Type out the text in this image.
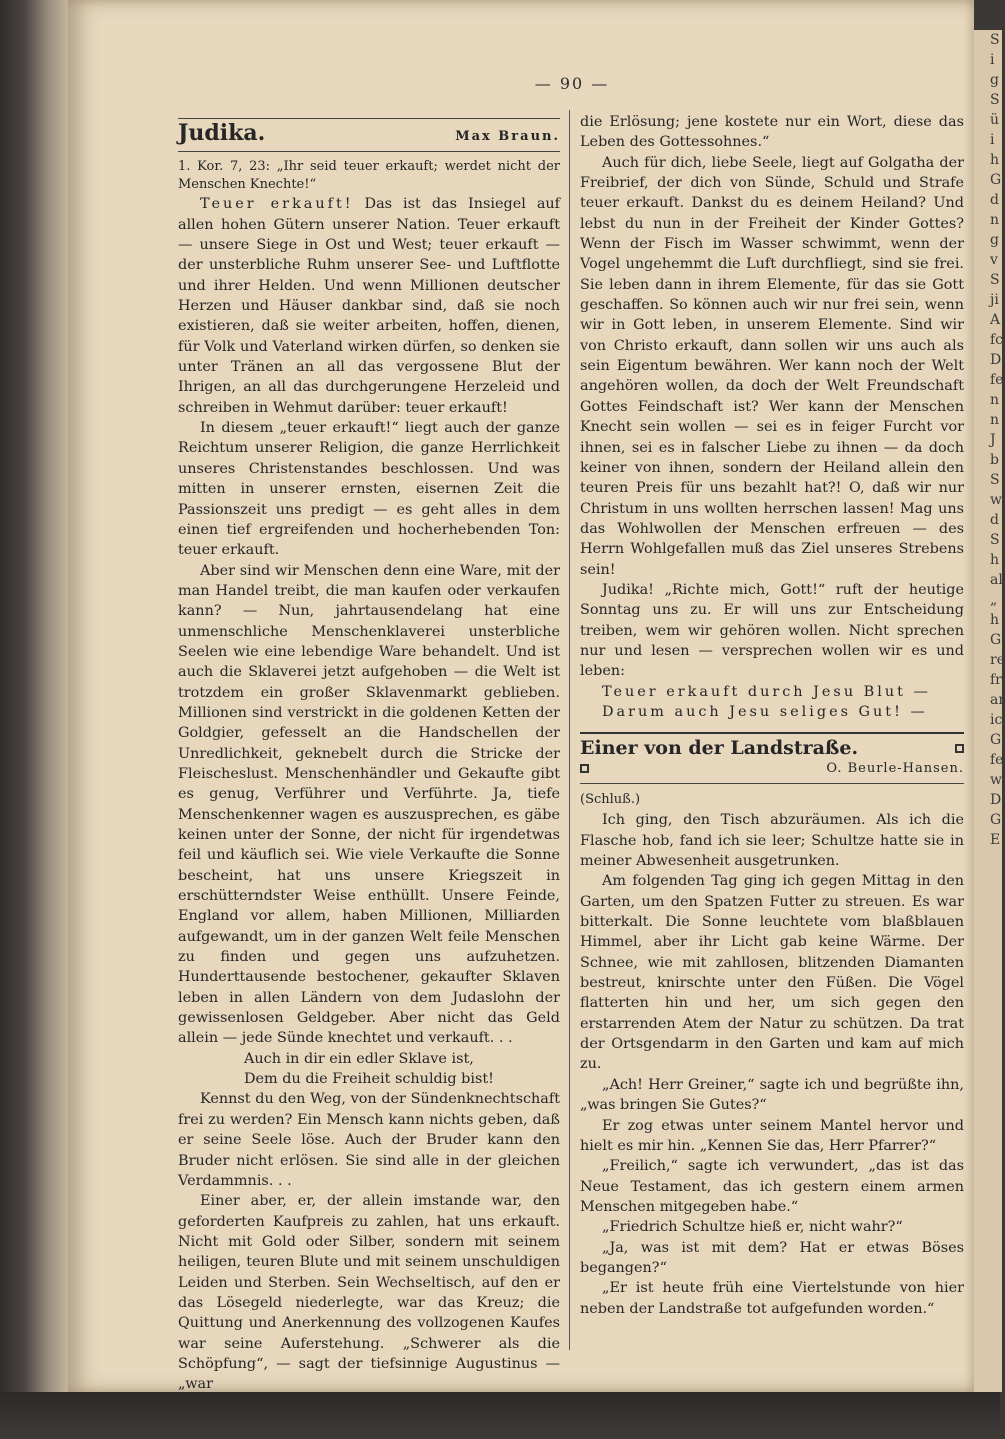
S
i
g
S
ü
i
h
G
d
n
g
v
S
ji
A
fc
D
fe
n
n
J
b
S
w
d
S
h
al
„
h
G
re
fr
ar
ic
G
fe
w
D
G
E
— 90 —
Judika.	Max Braun.

1. Kor. 7, 23: „Ihr seid teuer erkauft; werdet nicht der Menschen Knechte!“

Teuer erkauft! Das ist das Insiegel auf allen hohen Gütern unserer Nation. Teuer erkauft — unsere Siege in Ost und West; teuer erkauft — der unsterbliche Ruhm unserer See- und Luftflotte und ihrer Helden. Und wenn Millionen deutscher Herzen und Häuser dankbar sind, daß sie noch existieren, daß sie weiter arbeiten, hoffen, dienen, für Volk und Vaterland wirken dürfen, so denken sie unter Tränen an all das vergossene Blut der Ihrigen, an all das durchgerungene Herzeleid und schreiben in Wehmut darüber: teuer erkauft!

In diesem „teuer erkauft!“ liegt auch der ganze Reichtum unserer Religion, die ganze Herrlichkeit unseres Christenstandes beschlossen. Und was mitten in unserer ernsten, eisernen Zeit die Passionszeit uns predigt — es geht alles in dem einen tief ergreifenden und hocherhebenden Ton: teuer erkauft.

Aber sind wir Menschen denn eine Ware, mit der man Handel treibt, die man kaufen oder verkaufen kann? — Nun, jahrtausendelang hat eine unmenschliche Menschenklaverei unsterbliche Seelen wie eine lebendige Ware behandelt. Und ist auch die Sklaverei jetzt aufgehoben — die Welt ist trotzdem ein großer Sklavenmarkt geblieben. Millionen sind verstrickt in die goldenen Ketten der Goldgier, gefesselt an die Handschellen der Unredlichkeit, geknebelt durch die Stricke der Fleischeslust. Menschenhändler und Gekaufte gibt es genug, Verführer und Verführte. Ja, tiefe Menschenkenner wagen es auszusprechen, es gäbe keinen unter der Sonne, der nicht für irgendetwas feil und käuflich sei. Wie viele Verkaufte die Sonne bescheint, hat uns unsere Kriegszeit in erschütterndster Weise enthüllt. Unsere Feinde, England vor allem, haben Millionen, Milliarden aufgewandt, um in der ganzen Welt feile Menschen zu finden und gegen uns aufzuhetzen. Hunderttausende bestochener, gekaufter Sklaven leben in allen Ländern von dem Judaslohn der gewissenlosen Geldgeber. Aber nicht das Geld allein — jede Sünde knechtet und verkauft. . .

Auch in dir ein edler Sklave ist,

Dem du die Freiheit schuldig bist!

Kennst du den Weg, von der Sündenknechtschaft frei zu werden? Ein Mensch kann nichts geben, daß er seine Seele löse. Auch der Bruder kann den Bruder nicht erlösen. Sie sind alle in der gleichen Verdammnis. . .

Einer aber, er, der allein imstande war, den geforderten Kaufpreis zu zahlen, hat uns erkauft. Nicht mit Gold oder Silber, sondern mit seinem heiligen, teuren Blute und mit seinem unschuldigen Leiden und Sterben. Sein Wechseltisch, auf den er das Lösegeld niederlegte, war das Kreuz; die Quittung und Anerkennung des vollzogenen Kaufes war seine Auferstehung. „Schwerer als die Schöpfung“, — sagt der tiefsinnige Augustinus — „war

die Erlösung; jene kostete nur ein Wort, diese das Leben des Gottessohnes.“

Auch für dich, liebe Seele, liegt auf Golgatha der Freibrief, der dich von Sünde, Schuld und Strafe teuer erkauft. Dankst du es deinem Heiland? Und lebst du nun in der Freiheit der Kinder Gottes? Wenn der Fisch im Wasser schwimmt, wenn der Vogel ungehemmt die Luft durchfliegt, sind sie frei. Sie leben dann in ihrem Elemente, für das sie Gott geschaffen. So können auch wir nur frei sein, wenn wir in Gott leben, in unserem Elemente. Sind wir von Christo erkauft, dann sollen wir uns auch als sein Eigentum bewähren. Wer kann noch der Welt angehören wollen, da doch der Welt Freundschaft Gottes Feindschaft ist? Wer kann der Menschen Knecht sein wollen — sei es in feiger Furcht vor ihnen, sei es in falscher Liebe zu ihnen — da doch keiner von ihnen, sondern der Heiland allein den teuren Preis für uns bezahlt hat?! O, daß wir nur Christum in uns wollten herrschen lassen! Mag uns das Wohlwollen der Menschen erfreuen — des Herrn Wohlgefallen muß das Ziel unseres Strebens sein!

Judika! „Richte mich, Gott!“ ruft der heutige Sonntag uns zu. Er will uns zur Entscheidung treiben, wem wir gehören wollen. Nicht sprechen nur und lesen — versprechen wollen wir es und leben:

Teuer erkauft durch Jesu Blut —

Darum auch Jesu seliges Gut! —

Einer von der Landstraße.
O. Beurle-Hansen.

(Schluß.)

Ich ging, den Tisch abzuräumen. Als ich die Flasche hob, fand ich sie leer; Schultze hatte sie in meiner Abwesenheit ausgetrunken.

Am folgenden Tag ging ich gegen Mittag in den Garten, um den Spatzen Futter zu streuen. Es war bitterkalt. Die Sonne leuchtete vom blaßblauen Himmel, aber ihr Licht gab keine Wärme. Der Schnee, wie mit zahllosen, blitzenden Diamanten bestreut, knirschte unter den Füßen. Die Vögel flatterten hin und her, um sich gegen den erstarrenden Atem der Natur zu schützen. Da trat der Ortsgendarm in den Garten und kam auf mich zu.

„Ach! Herr Greiner,“ sagte ich und begrüßte ihn, „was bringen Sie Gutes?“

Er zog etwas unter seinem Mantel hervor und hielt es mir hin. „Kennen Sie das, Herr Pfarrer?“

„Freilich,“ sagte ich verwundert, „das ist das Neue Testament, das ich gestern einem armen Menschen mitgegeben habe.“

„Friedrich Schultze hieß er, nicht wahr?“

„Ja, was ist mit dem? Hat er etwas Böses begangen?“

„Er ist heute früh eine Viertelstunde von hier neben der Landstraße tot aufgefunden worden.“
